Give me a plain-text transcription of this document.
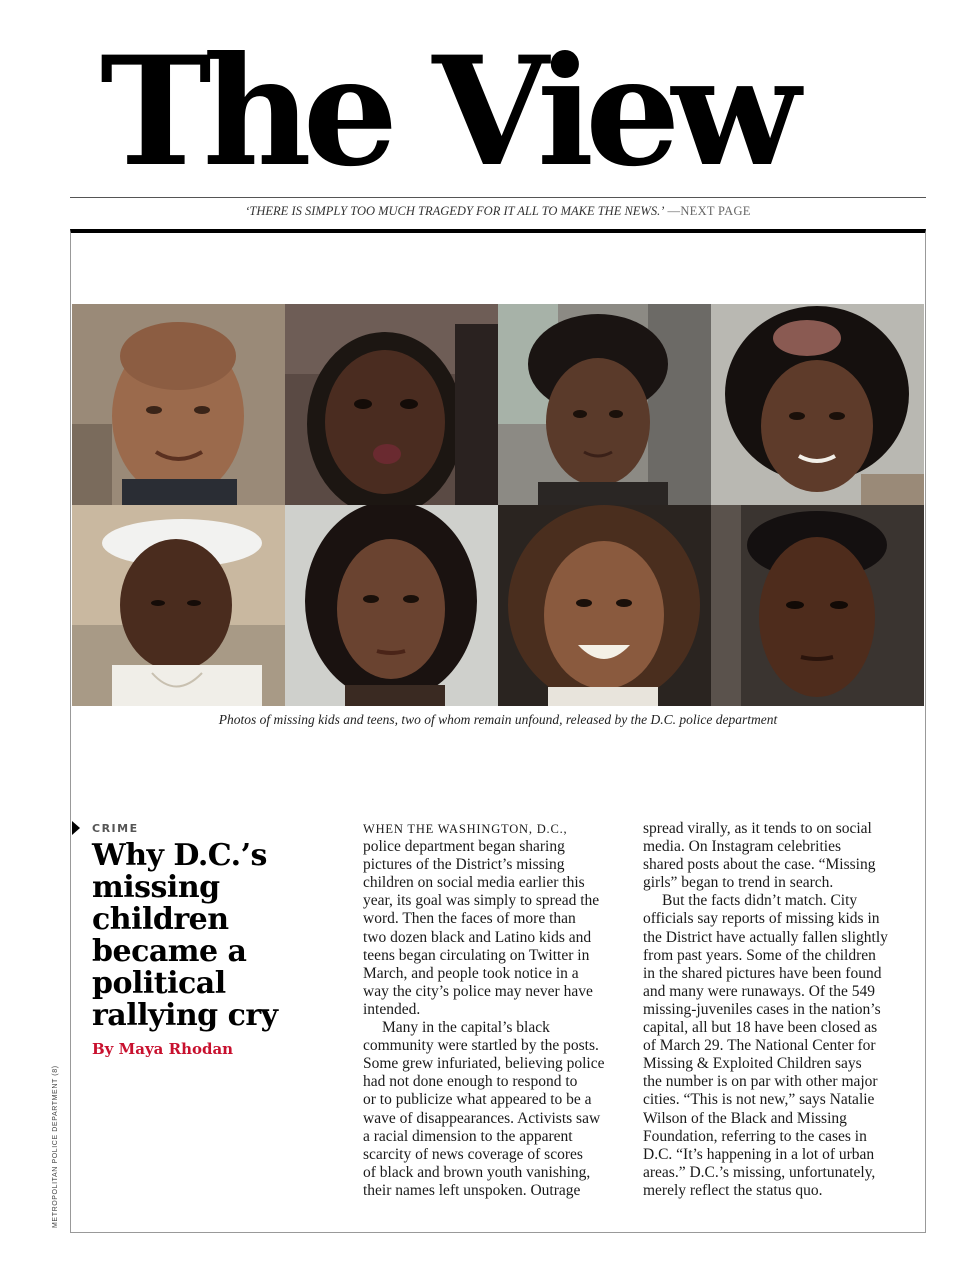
The View
‘THERE IS SIMPLY TOO MUCH TRAGEDY FOR IT ALL TO MAKE THE NEWS.’ —NEXT PAGE
Photos of missing kids and teens, two of whom remain unfound, released by the D.C. police department
CRIME
Why D.C.’s missing children became a political rallying cry
By Maya Rhodan
METROPOLITAN POLICE DEPARTMENT (8)
WHEN THE WASHINGTON, D.C.,
police department began sharing
pictures of the District’s missing
children on social media earlier this
year, its goal was simply to spread the
word. Then the faces of more than
two dozen black and Latino kids and
teens began circulating on Twitter in
March, and people took notice in a
way the city’s police may never have
intended.
Many in the capital’s black
community were startled by the posts.
Some grew infuriated, believing police
had not done enough to respond to
or to publicize what appeared to be a
wave of disappearances. Activists saw
a racial dimension to the apparent
scarcity of news coverage of scores
of black and brown youth vanishing,
their names left unspoken. Outrage
spread virally, as it tends to on social
media. On Instagram celebrities
shared posts about the case. “Missing
girls” began to trend in search.
But the facts didn’t match. City
officials say reports of missing kids in
the District have actually fallen slightly
from past years. Some of the children
in the shared pictures have been found
and many were runaways. Of the 549
missing-juveniles cases in the nation’s
capital, all but 18 have been closed as
of March 29. The National Center for
Missing & Exploited Children says
the number is on par with other major
cities. “This is not new,” says Natalie
Wilson of the Black and Missing
Foundation, referring to the cases in
D.C. “It’s happening in a lot of urban
areas.” D.C.’s missing, unfortunately,
merely reflect the status quo.
